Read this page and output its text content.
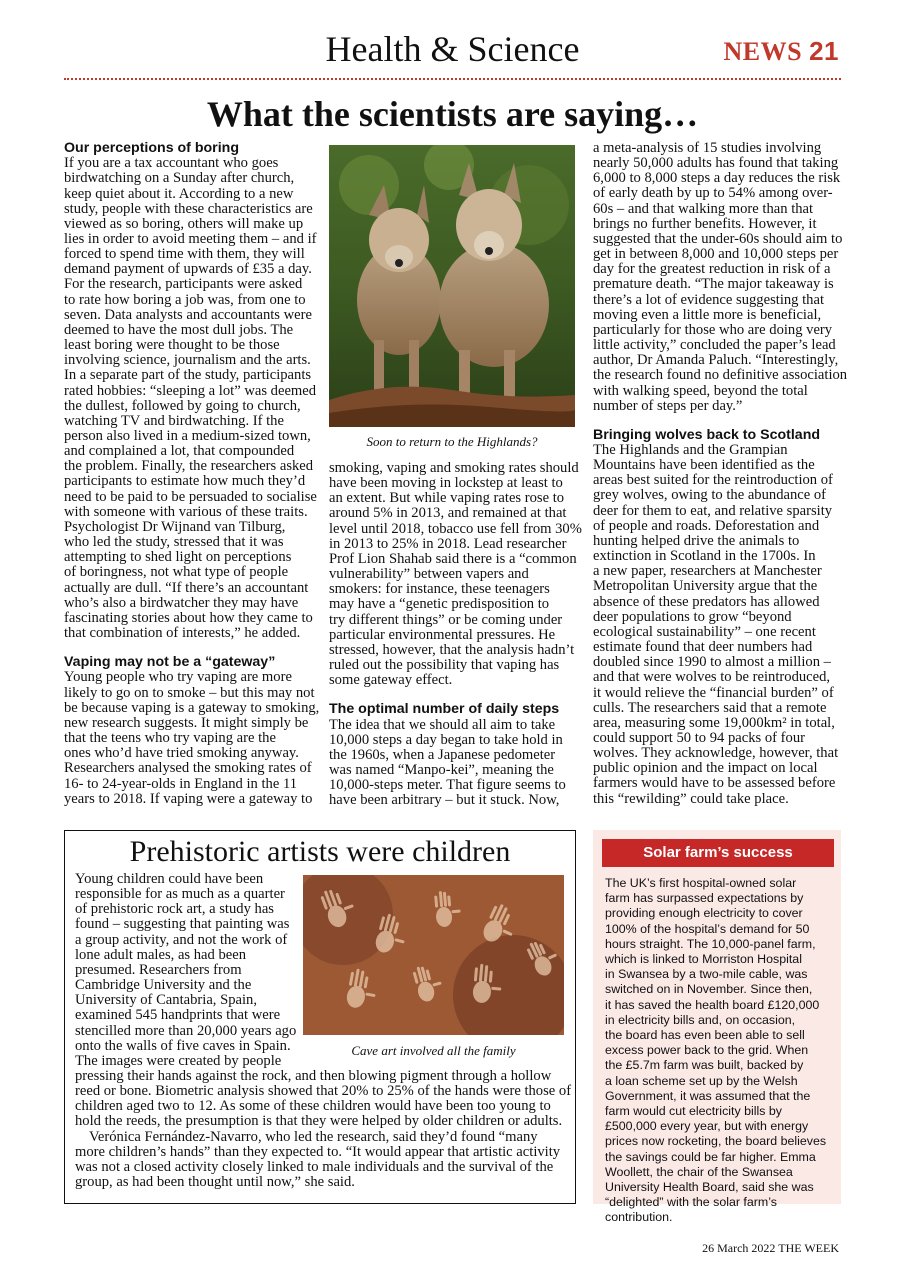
Health & Science	NEWS 21
What the scientists are saying…
Our perceptions of boring
If you are a tax accountant who goes
birdwatching on a Sunday after church,
keep quiet about it. According to a new
study, people with these characteristics are
viewed as so boring, others will make up
lies in order to avoid meeting them – and if
forced to spend time with them, they will
demand payment of upwards of £35 a day.
For the research, participants were asked
to rate how boring a job was, from one to
seven. Data analysts and accountants were
deemed to have the most dull jobs. The
least boring were thought to be those
involving science, journalism and the arts.
In a separate part of the study, participants
rated hobbies: “sleeping a lot” was deemed
the dullest, followed by going to church,
watching TV and birdwatching. If the
person also lived in a medium-sized town,
and complained a lot, that compounded
the problem. Finally, the researchers asked
participants to estimate how much they’d
need to be paid to be persuaded to socialise
with someone with various of these traits.
Psychologist Dr Wijnand van Tilburg,
who led the study, stressed that it was
attempting to shed light on perceptions
of boringness, not what type of people
actually are dull. “If there’s an accountant
who’s also a birdwatcher they may have
fascinating stories about how they came to
that combination of interests,” he added.
Vaping may not be a “gateway”
Young people who try vaping are more
likely to go on to smoke – but this may not
be because vaping is a gateway to smoking,
new research suggests. It might simply be
that the teens who try vaping are the
ones who’d have tried smoking anyway.
Researchers analysed the smoking rates of
16- to 24-year-olds in England in the 11
years to 2018. If vaping were a gateway to
Soon to return to the Highlands?
smoking, vaping and smoking rates should
have been moving in lockstep at least to
an extent. But while vaping rates rose to
around 5% in 2013, and remained at that
level until 2018, tobacco use fell from 30%
in 2013 to 25% in 2018. Lead researcher
Prof Lion Shahab said there is a “common
vulnerability” between vapers and
smokers: for instance, these teenagers
may have a “genetic predisposition to
try different things” or be coming under
particular environmental pressures. He
stressed, however, that the analysis hadn’t
ruled out the possibility that vaping has
some gateway effect.
The optimal number of daily steps
The idea that we should all aim to take
10,000 steps a day began to take hold in
the 1960s, when a Japanese pedometer
was named “Manpo-kei”, meaning the
10,000-steps meter. That figure seems to
have been arbitrary – but it stuck. Now,
a meta-analysis of 15 studies involving
nearly 50,000 adults has found that taking
6,000 to 8,000 steps a day reduces the risk
of early death by up to 54% among over-
60s – and that walking more than that
brings no further benefits. However, it
suggested that the under-60s should aim to
get in between 8,000 and 10,000 steps per
day for the greatest reduction in risk of a
premature death. “The major takeaway is
there’s a lot of evidence suggesting that
moving even a little more is beneficial,
particularly for those who are doing very
little activity,” concluded the paper’s lead
author, Dr Amanda Paluch. “Interestingly,
the research found no definitive association
with walking speed, beyond the total
number of steps per day.”
Bringing wolves back to Scotland
The Highlands and the Grampian
Mountains have been identified as the
areas best suited for the reintroduction of
grey wolves, owing to the abundance of
deer for them to eat, and relative sparsity
of people and roads. Deforestation and
hunting helped drive the animals to
extinction in Scotland in the 1700s. In
a new paper, researchers at Manchester
Metropolitan University argue that the
absence of these predators has allowed
deer populations to grow “beyond
ecological sustainability” – one recent
estimate found that deer numbers had
doubled since 1990 to almost a million –
and that were wolves to be reintroduced,
it would relieve the “financial burden” of
culls. The researchers said that a remote
area, measuring some 19,000km² in total,
could support 50 to 94 packs of four
wolves. They acknowledge, however, that
public opinion and the impact on local
farmers would have to be assessed before
this “rewilding” could take place.
Prehistoric artists were children
Cave art involved all the family
Young children could have been
responsible for as much as a quarter
of prehistoric rock art, a study has
found – suggesting that painting was
a group activity, and not the work of
lone adult males, as had been
presumed. Researchers from
Cambridge University and the
University of Cantabria, Spain,
examined 545 handprints that were
stencilled more than 20,000 years ago
onto the walls of five caves in Spain.
The images were created by people
pressing their hands against the rock, and then blowing pigment through a hollow
reed or bone. Biometric analysis showed that 20% to 25% of the hands were those of
children aged two to 12. As some of these children would have been too young to
hold the reeds, the presumption is that they were helped by older children or adults.
Verónica Fernández-Navarro, who led the research, said they’d found “many
more children’s hands” than they expected to. “It would appear that artistic activity
was not a closed activity closely linked to male individuals and the survival of the
group, as had been thought until now,” she said.
Solar farm’s success
The UK’s first hospital-owned solar
farm has surpassed expectations by
providing enough electricity to cover
100% of the hospital’s demand for 50
hours straight. The 10,000-panel farm,
which is linked to Morriston Hospital
in Swansea by a two-mile cable, was
switched on in November. Since then,
it has saved the health board £120,000
in electricity bills and, on occasion,
the board has even been able to sell
excess power back to the grid. When
the £5.7m farm was built, backed by
a loan scheme set up by the Welsh
Government, it was assumed that the
farm would cut electricity bills by
£500,000 every year, but with energy
prices now rocketing, the board believes
the savings could be far higher. Emma
Woollett, the chair of the Swansea
University Health Board, said she was
“delighted” with the solar farm’s
contribution.
26 March 2022 THE WEEK
